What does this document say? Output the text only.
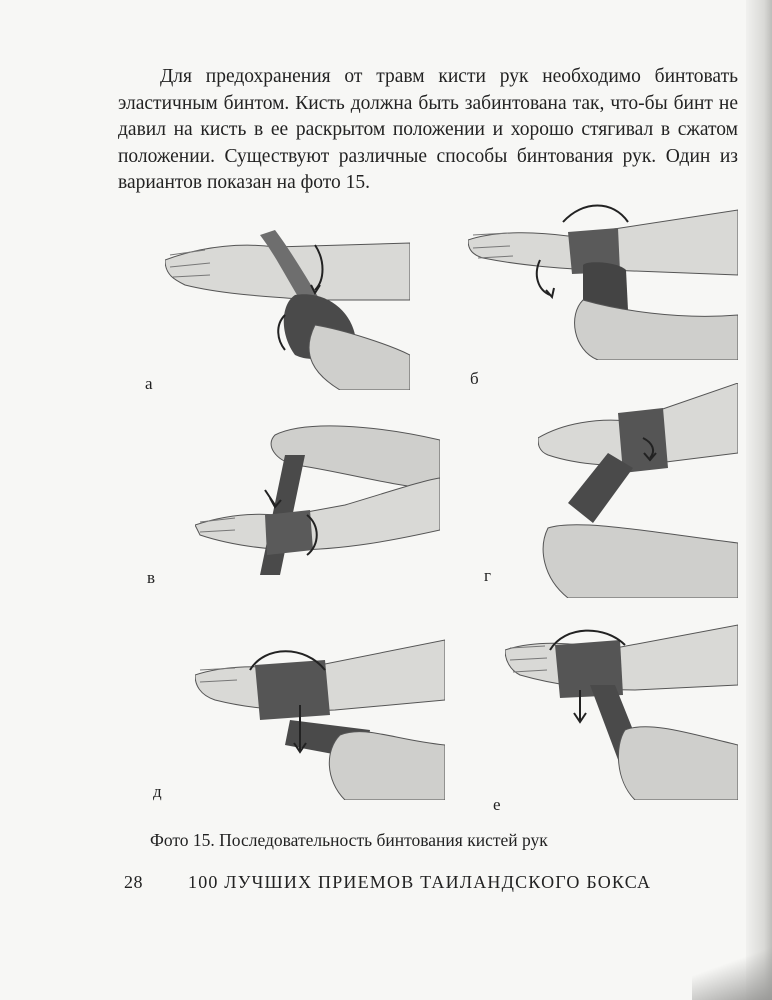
Для предохранения от травм кисти рук необходимо бинтовать эластичным бинтом. Кисть должна быть забинтована так, что-бы бинт не давил на кисть в ее раскрытом положении и хорошо стягивал в сжатом положении. Существуют различные способы бинтования рук. Один из вариантов показан на фото 15.

а	б
в	г
д
е
Фото 15. Последовательность бинтования кистей рук
28	100 ЛУЧШИХ ПРИЕМОВ ТАИЛАНДСКОГО БОКСА
